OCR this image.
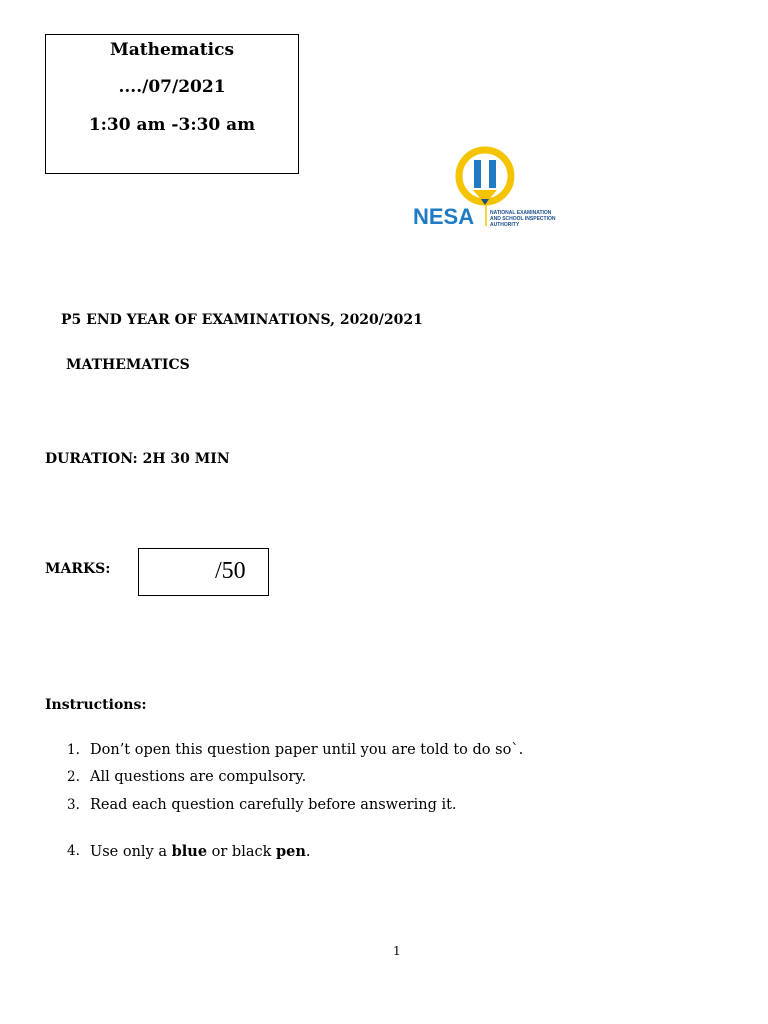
Mathematics
..../07/2021
1:30 am -3:30 am
NESA	NATIONAL EXAMINATION
AND SCHOOL INSPECTION
AUTHORITY
P5 END YEAR OF EXAMINATIONS, 2020/2021
MATHEMATICS
DURATION: 2H 30 MIN
MARKS:	/50
Instructions:
1. Don’t open this question paper until you are told to do so`.
2. All questions are compulsory.
3. Read each question carefully before answering it.
4. Use only a blue or black pen.
1
